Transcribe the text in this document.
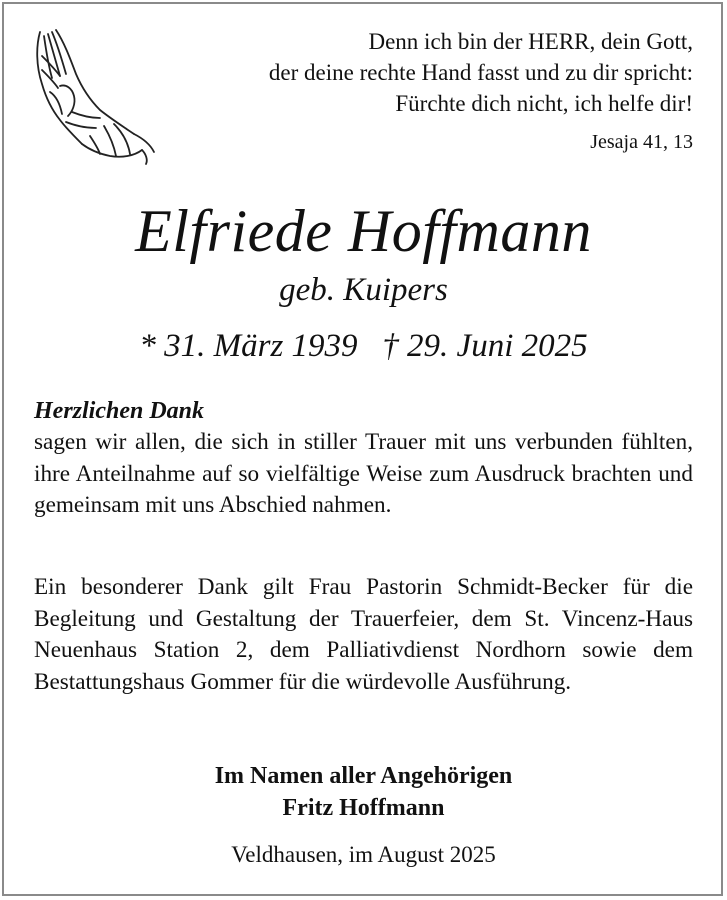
Denn ich bin der HERR, dein Gott,
der deine rechte Hand fasst und zu dir spricht:
Fürchte dich nicht, ich helfe dir!
Jesaja 41, 13
Elfriede Hoffmann
geb. Kuipers
* 31. März 1939   † 29. Juni 2025
Herzlichen Dank
sagen wir allen, die sich in stiller Trauer mit uns verbunden fühlten, ihre Anteilnahme auf so vielfältige Weise zum Ausdruck brachten und gemeinsam mit uns Abschied nahmen.
Ein besonderer Dank gilt Frau Pastorin Schmidt-Becker für die Begleitung und Gestaltung der Trauerfeier, dem St. Vincenz-Haus Neuenhaus Station 2, dem Palliativdienst Nordhorn sowie dem Bestattungshaus Gommer für die würdevolle Ausführung.
Im Namen aller Angehörigen
Fritz Hoffmann
Veldhausen, im August 2025
